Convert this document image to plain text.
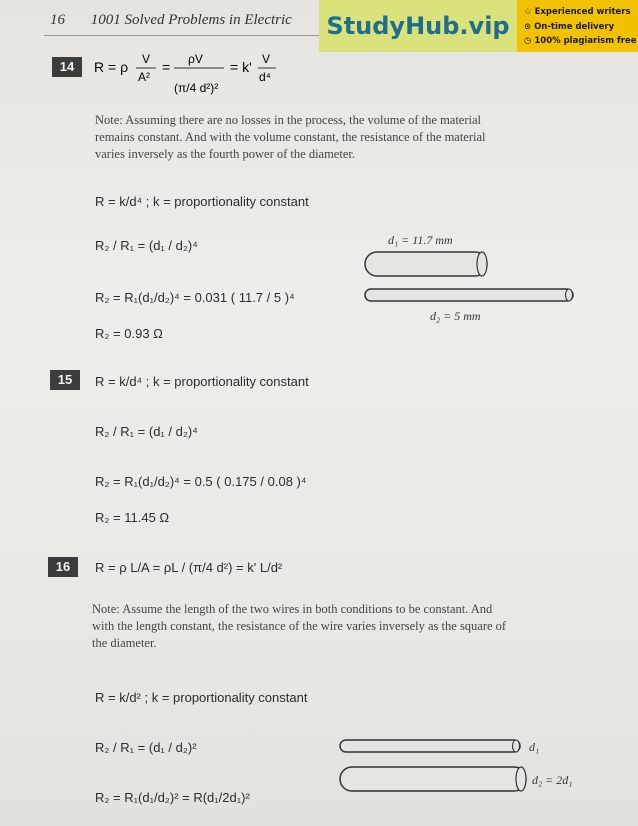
16 1001 Solved Problems in Electric	StudyHub.vip	☆ Experienced writers
⊙ On-time delivery
◷ 100% plagiarism free
14	R = ρ V
A²
= ρV
(π/4 d²)²
= k' V
d⁴
Note: Assuming there are no losses in the process, the volume of the material
remains constant. And with the volume constant, the resistance of the material
varies inversely as the fourth power of the diameter.
R = k/d⁴ ; k = proportionality constant
R₂ / R₁ = (d₁ / d₂)⁴
R₂ = R₁(d₁/d₂)⁴ = 0.031 ( 11.7 / 5 )⁴
R₂ = 0.93 Ω
d₁ = 11.7 mm
d₂ = 5 mm
15	R = k/d⁴ ; k = proportionality constant
R₂ / R₁ = (d₁ / d₂)⁴
R₂ = R₁(d₁/d₂)⁴ = 0.5 ( 0.175 / 0.08 )⁴
R₂ = 11.45 Ω
16	R = ρ L/A = ρL / (π/4 d²) = k' L/d²
Note: Assume the length of the two wires in both conditions to be constant. And
with the length constant, the resistance of the wire varies inversely as the square of
the diameter.
R = k/d² ; k = proportionality constant
R₂ / R₁ = (d₁ / d₂)²
R₂ = R₁(d₁/d₂)² = R(d₁/2d₁)²
d₁
d₂ = 2d₁
